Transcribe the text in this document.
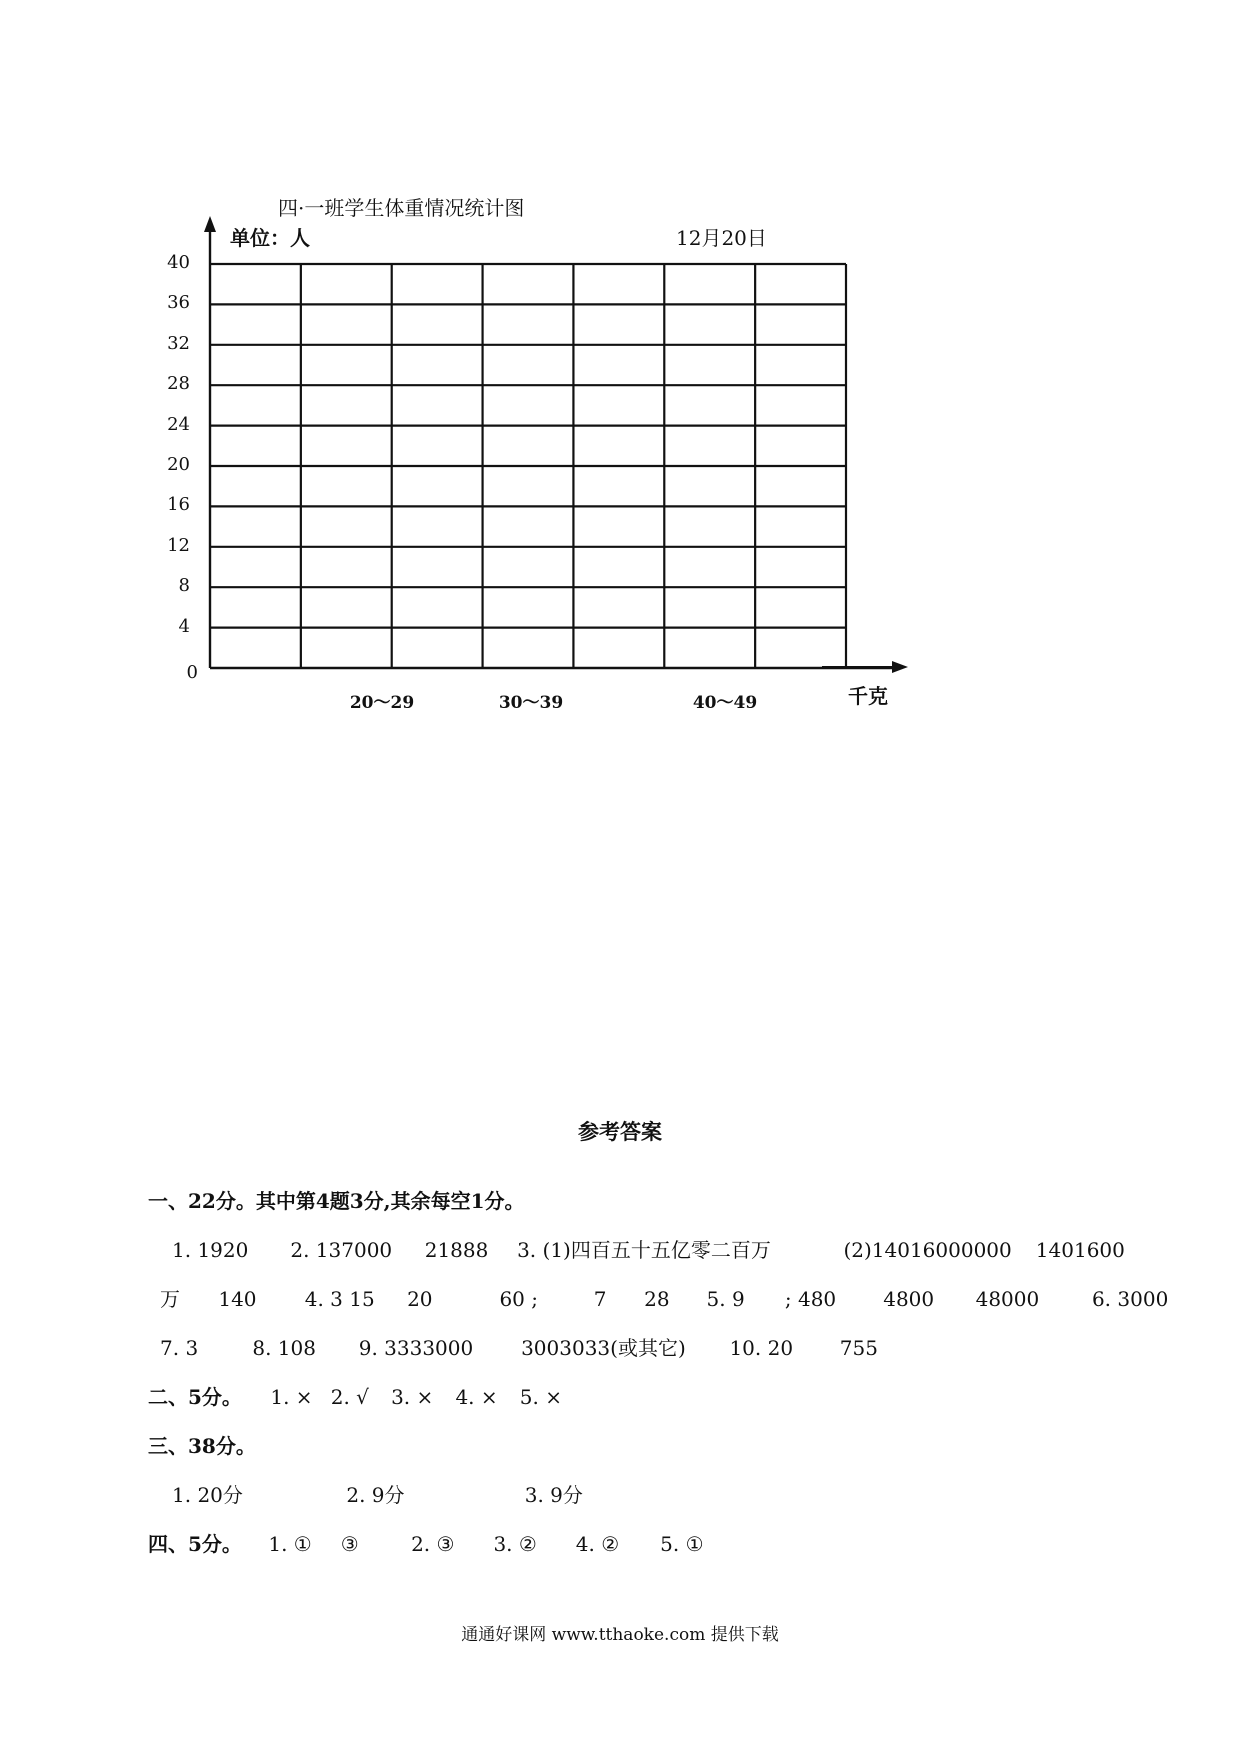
四·一班学生体重情况统计图
单位：人	12月20日
0
4
8
12
16
20
24
28
32
36
40
20～29	30～39	40～49	千克
参考答案
一、22分。其中第4题3分,其余每空1分。
1. 1920 2. 137000 21888 3. (1)四百五十五亿零二百万	(2)14016000000 1401600
万 140 4. 3 15 20	60 ;	7 28 5. 9 ; 480 4800 48000	6. 3000
7. 3	8. 108 9. 3333000 3003033(或其它) 10. 20 755
二、5分。 1. × 2. √ 3. × 4. × 5. ×
三、38分。
1. 20分	2. 9分	3. 9分
四、5分。 1. ① ③	2. ③ 3. ② 4. ② 5. ①
通通好课网 www.tthaoke.com 提供下载
